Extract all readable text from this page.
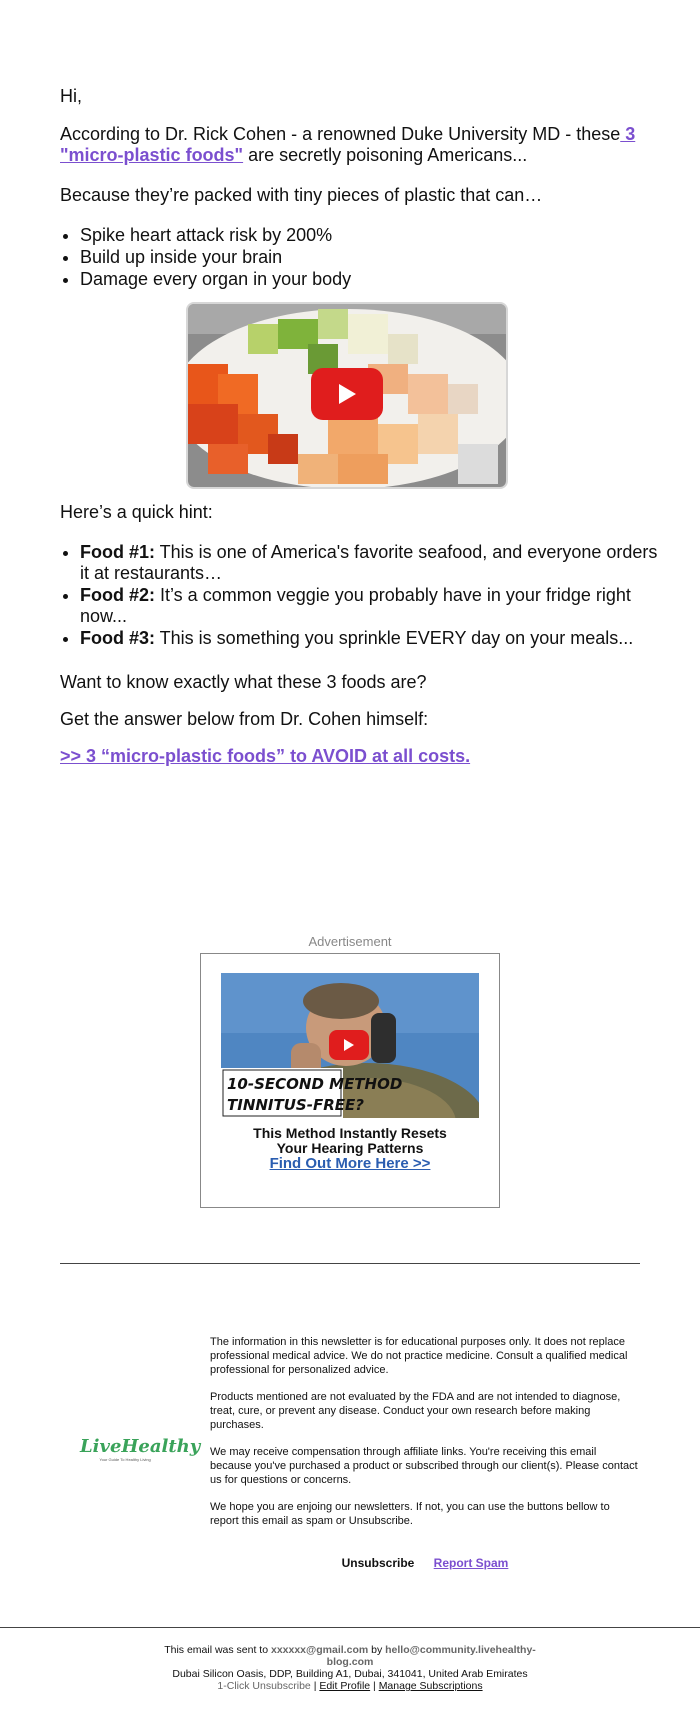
Hi,

According to Dr. Rick Cohen - a renowned Duke University MD - these 3 "micro-plastic foods" are secretly poisoning Americans...

Because they’re packed with tiny pieces of plastic that can…

• Spike heart attack risk by 200%
• Build up inside your brain
• Damage every organ in your body

Here’s a quick hint:

• Food #1: This is one of America's favorite seafood, and everyone orders it at restaurants…
• Food #2: It’s a common veggie you probably have in your fridge right now...
• Food #3: This is something you sprinkle EVERY day on your meals...

Want to know exactly what these 3 foods are?

Get the answer below from Dr. Cohen himself:

>> 3 “micro-plastic foods” to AVOID at all costs.

Advertisement
10-SECOND METHOD
TINNITUS-FREE?
This Method Instantly Resets
Your Hearing Patterns
Find Out More Here >>
LiveHealthy
Your Guide To Healthy Living

The information in this newsletter is for educational purposes only. It does not replace professional medical advice. We do not practice medicine. Consult a qualified medical professional for personalized advice.

Products mentioned are not evaluated by the FDA and are not intended to diagnose, treat, cure, or prevent any disease. Conduct your own research before making purchases.

We may receive compensation through affiliate links. You're receiving this email because you've purchased a product or subscribed through our client(s). Please contact us for questions or concerns.

We hope you are enjoing our newsletters. If not, you can use the buttons bellow to report this email as spam or Unsubscribe.

Unsubscribe Report Spam
This email was sent to xxxxxx@gmail.com by hello@community.livehealthy-blog.com
Dubai Silicon Oasis, DDP, Building A1, Dubai, 341041, United Arab Emirates
1-Click Unsubscribe | Edit Profile | Manage Subscriptions
